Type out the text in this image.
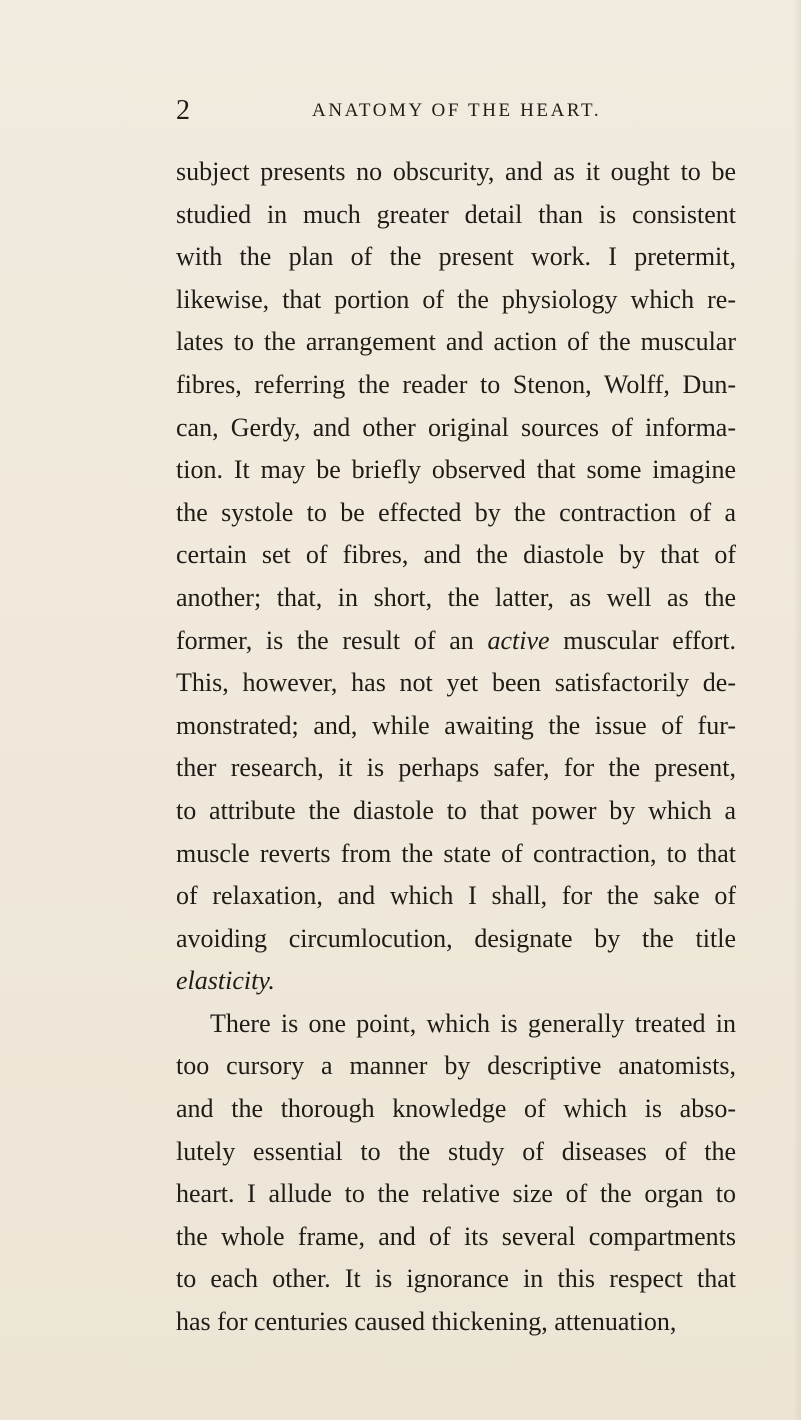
2	ANATOMY OF THE HEART.
subject presents no obscurity, and as it ought to be
studied in much greater detail than is consistent
with the plan of the present work. I pretermit,
likewise, that portion of the physiology which re-
lates to the arrangement and action of the muscular
fibres, referring the reader to Stenon, Wolff, Dun-
can, Gerdy, and other original sources of informa-
tion. It may be briefly observed that some imagine
the systole to be effected by the contraction of a
certain set of fibres, and the diastole by that of
another; that, in short, the latter, as well as the
former, is the result of an active muscular effort.
This, however, has not yet been satisfactorily de-
monstrated; and, while awaiting the issue of fur-
ther research, it is perhaps safer, for the present,
to attribute the diastole to that power by which a
muscle reverts from the state of contraction, to that
of relaxation, and which I shall, for the sake of
avoiding circumlocution, designate by the title
elasticity.
There is one point, which is generally treated in
too cursory a manner by descriptive anatomists,
and the thorough knowledge of which is abso-
lutely essential to the study of diseases of the
heart. I allude to the relative size of the organ to
the whole frame, and of its several compartments
to each other. It is ignorance in this respect that
has for centuries caused thickening, attenuation,
